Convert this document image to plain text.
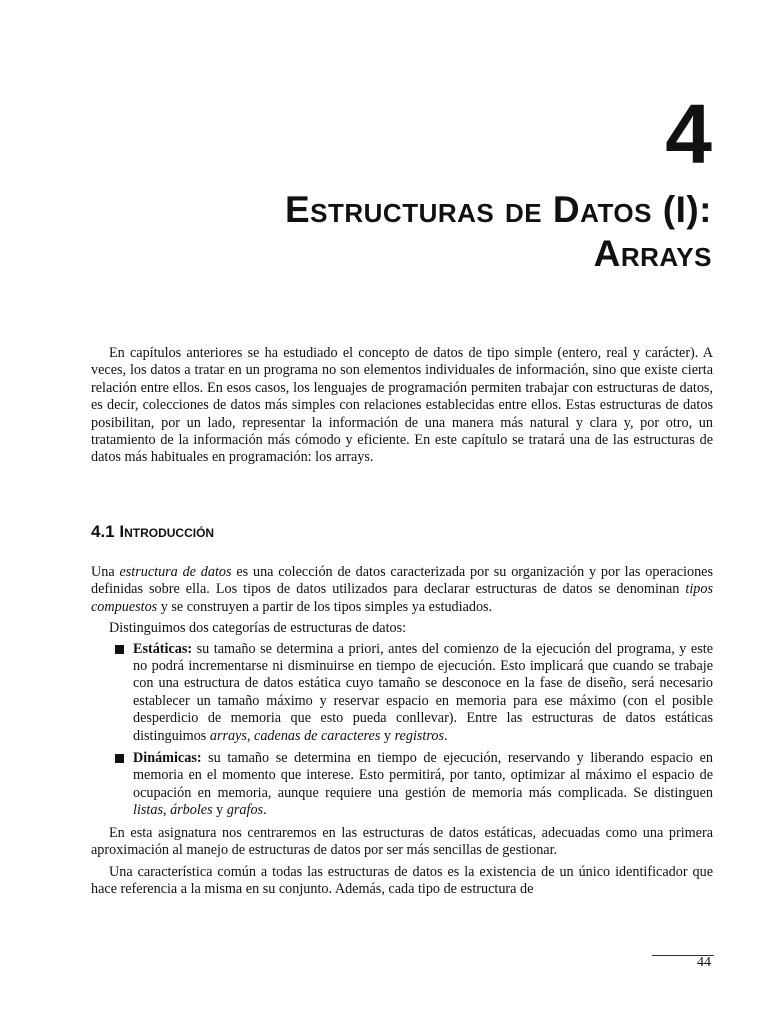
4
Estructuras de Datos (I):
Arrays

En capítulos anteriores se ha estudiado el concepto de datos de tipo simple (entero, real y carácter). A veces, los datos a tratar en un programa no son elementos individuales de información, sino que existe cierta relación entre ellos. En esos casos, los lenguajes de programación permiten trabajar con estructuras de datos, es decir, colecciones de datos más simples con relaciones establecidas entre ellos. Estas estructuras de datos posibilitan, por un lado, representar la información de una manera más natural y clara y, por otro, un tratamiento de la información más cómodo y eficiente. En este capítulo se tratará una de las estructuras de datos más habituales en programación: los arrays.

4.1 Introducción

Una estructura de datos es una colección de datos caracterizada por su organización y por las operaciones definidas sobre ella. Los tipos de datos utilizados para declarar estructuras de datos se denominan tipos compuestos y se construyen a partir de los tipos simples ya estudiados.

Distinguimos dos categorías de estructuras de datos:

Estáticas: su tamaño se determina a priori, antes del comienzo de la ejecución del programa, y este no podrá incrementarse ni disminuirse en tiempo de ejecución. Esto implicará que cuando se trabaje con una estructura de datos estática cuyo tamaño se desconoce en la fase de diseño, será necesario establecer un tamaño máximo y reservar espacio en memoria para ese máximo (con el posible desperdicio de memoria que esto pueda conllevar). Entre las estructuras de datos estáticas distinguimos arrays, cadenas de caracteres y registros.
Dinámicas: su tamaño se determina en tiempo de ejecución, reservando y liberando espacio en memoria en el momento que interese. Esto permitirá, por tanto, optimizar al máximo el espacio de ocupación en memoria, aunque requiere una gestión de memoria más complicada. Se distinguen listas, árboles y grafos.

En esta asignatura nos centraremos en las estructuras de datos estáticas, adecuadas como una primera aproximación al manejo de estructuras de datos por ser más sencillas de gestionar.

Una característica común a todas las estructuras de datos es la existencia de un único identificador que hace referencia a la misma en su conjunto. Además, cada tipo de estructura de

44
